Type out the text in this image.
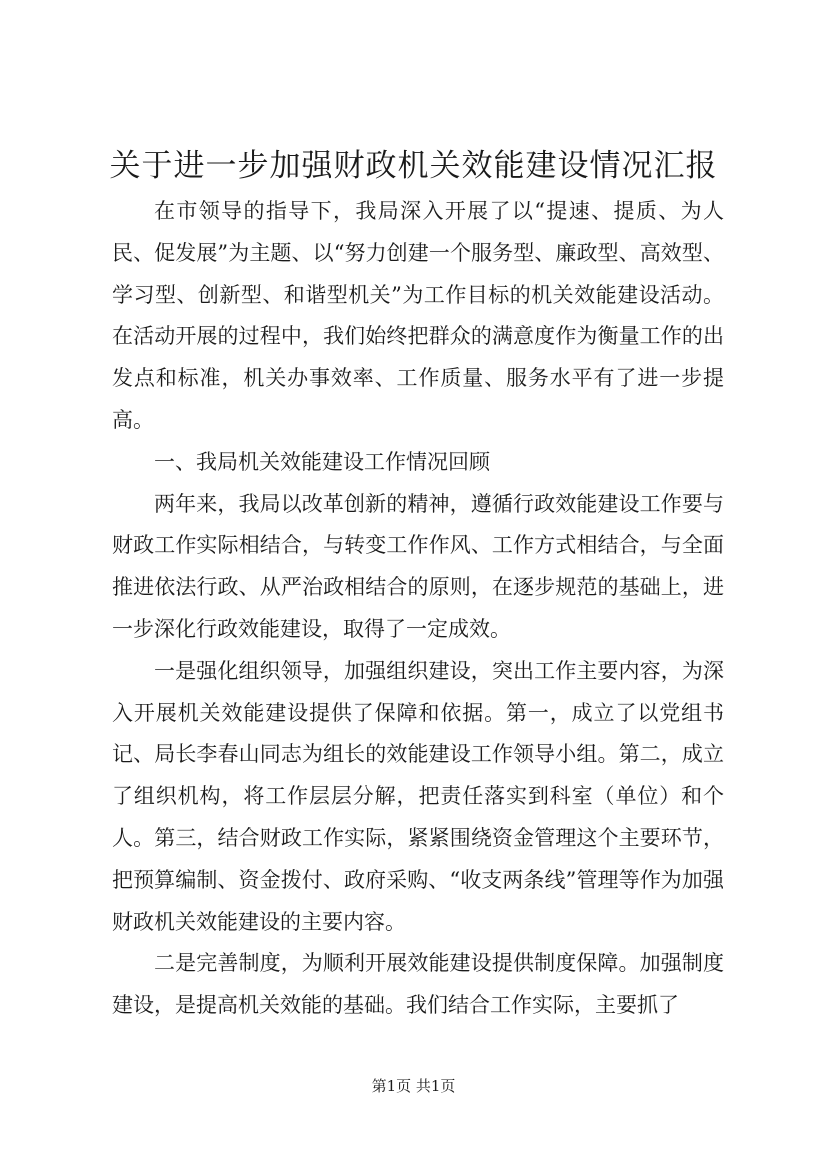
关于进一步加强财政机关效能建设情况汇报

在市领导的指导下，我局深入开展了以“提速、提质、为人民、促发展”为主题、以“努力创建一个服务型、廉政型、高效型、学习型、创新型、和谐型机关”为工作目标的机关效能建设活动。在活动开展的过程中，我们始终把群众的满意度作为衡量工作的出发点和标准，机关办事效率、工作质量、服务水平有了进一步提高。

一、我局机关效能建设工作情况回顾

两年来，我局以改革创新的精神，遵循行政效能建设工作要与财政工作实际相结合，与转变工作作风、工作方式相结合，与全面推进依法行政、从严治政相结合的原则，在逐步规范的基础上，进一步深化行政效能建设，取得了一定成效。

一是强化组织领导，加强组织建设，突出工作主要内容，为深入开展机关效能建设提供了保障和依据。第一，成立了以党组书记、局长李春山同志为组长的效能建设工作领导小组。第二，成立了组织机构，将工作层层分解，把责任落实到科室（单位）和个人。第三，结合财政工作实际，紧紧围绕资金管理这个主要环节，把预算编制、资金拨付、政府采购、“收支两条线”管理等作为加强财政机关效能建设的主要内容。

二是完善制度，为顺利开展效能建设提供制度保障。加强制度建设，是提高机关效能的基础。我们结合工作实际，主要抓了

第1页 共1页
